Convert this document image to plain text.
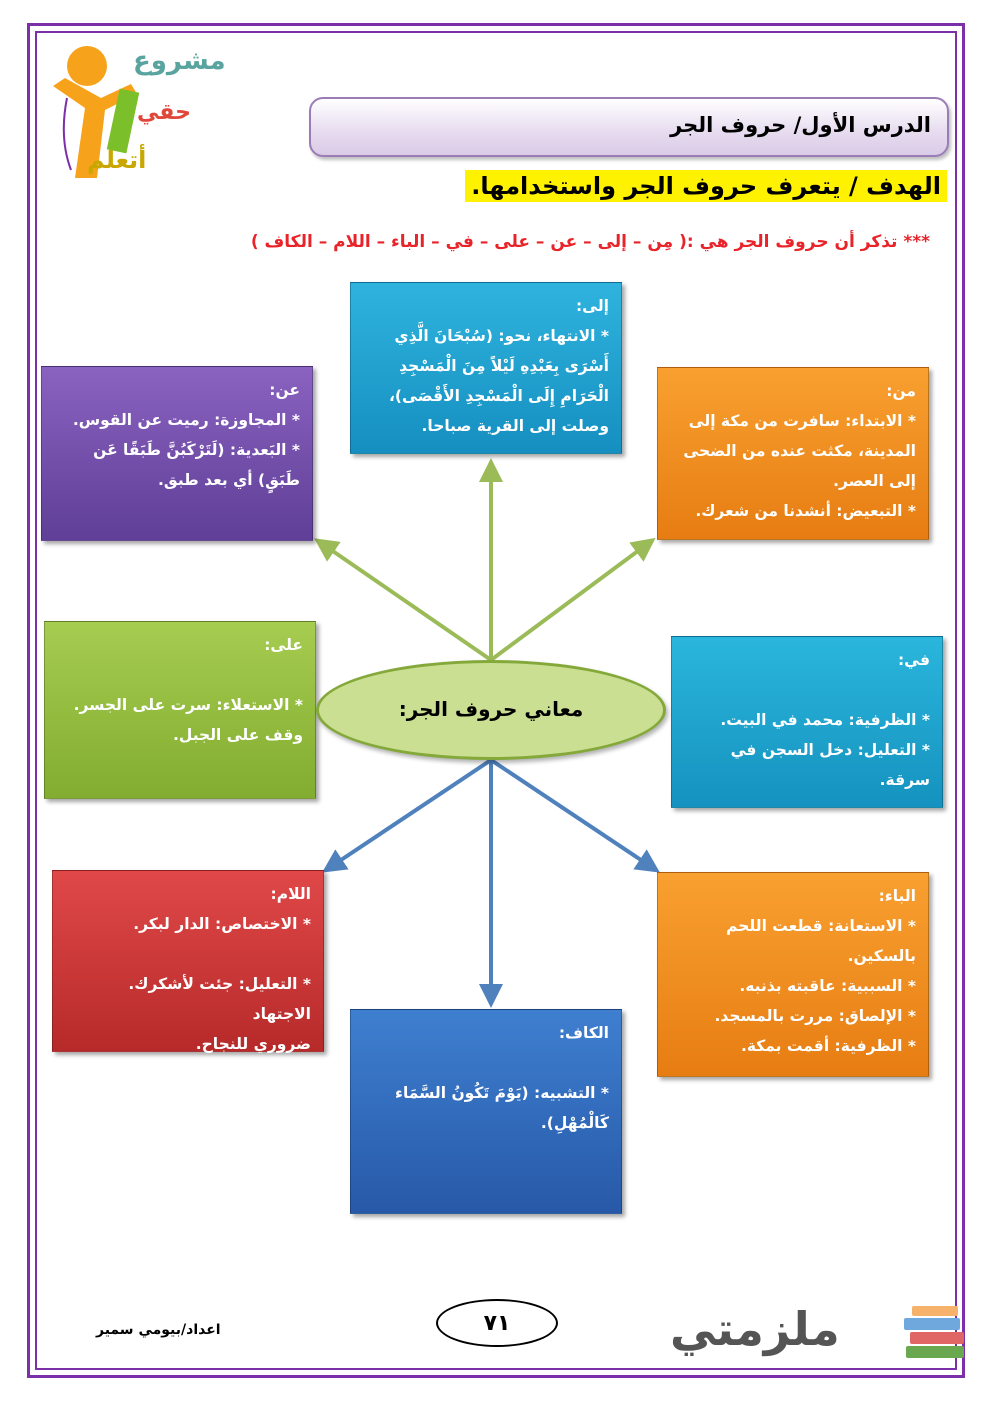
مشروع
حقي
أتعلم
الدرس الأول/ حروف الجر
الهدف / يتعرف حروف الجر واستخدامها.
*** تذكر أن حروف الجر هي :( مِن – إلى – عن – على – في – الباء – اللام – الكاف )
إلى:
* الانتهاء، نحو: (سُبْحَانَ الَّذِي
أَسْرَى بِعَبْدِهِ لَيْلاً مِنَ الْمَسْجِدِ
الْحَرَامِ إِلَى الْمَسْجِدِ الأَقْصَى)،
وصلت إلى القرية صباحا.
عن:
* المجاوزة: رميت عن القوس.
* البَعدية: (لَتَرْكَبُنَّ طَبَقًا عَن
طَبَقٍ) أي بعد طبق.
من:
* الابتداء: سافرت من مكة إلى
المدينة، مكثت عنده من الضحى
إلى العصر.
* التبعيض: أنشدنا من شعرك.
على:

* الاستعلاء: سرت على الجسر.
وقف على الجبل.
في:

* الظرفية: محمد في البيت.
* التعليل: دخل السجن في سرقة.
اللام:
* الاختصاص: الدار لبكر.

* التعليل: جئت لأشكرك. الاجتهاد
ضروري للنجاح.
الباء:
* الاستعانة: قطعت اللحم
بالسكين.
* السببية: عاقبته بذنبه.
* الإلصاق: مررت بالمسجد.
* الظرفية: أقمت بمكة.
الكاف:

* التشبيه: (يَوْمَ تَكُونُ السَّمَاء
كَالْمُهْلِ).
معاني حروف الجر:
٧١
اعداد/بيومي سمير	ملزمتي
